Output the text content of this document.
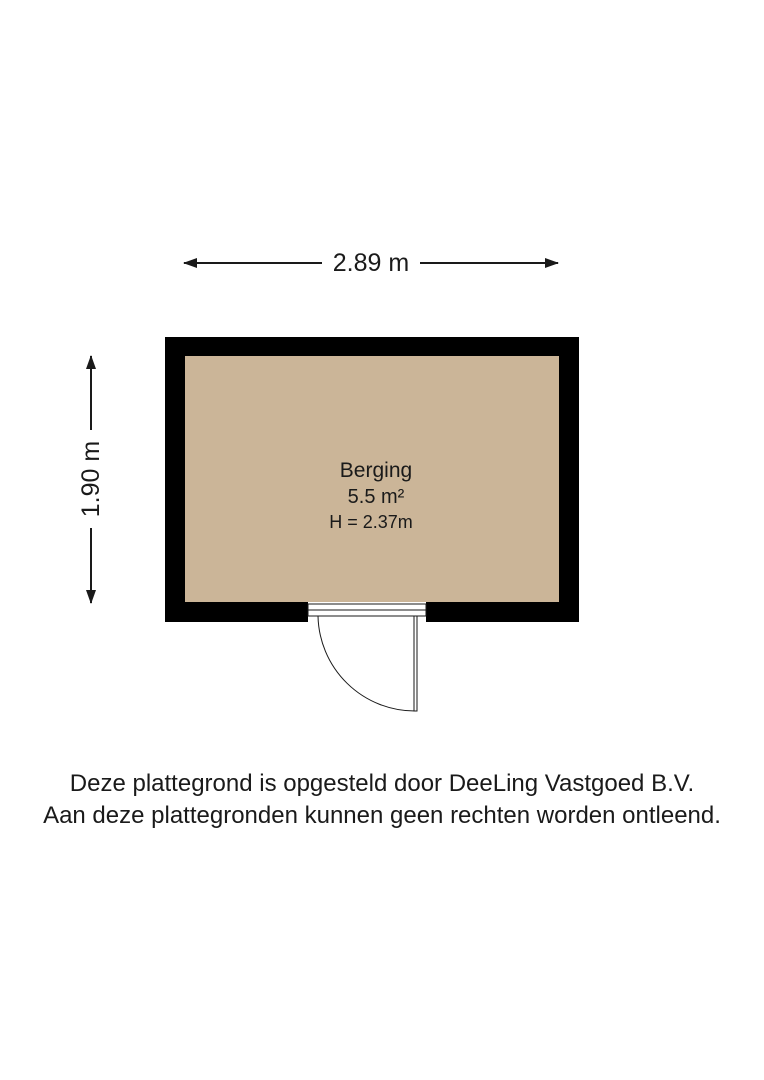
2.89 m
1.90 m	Berging
5.5 m²
H = 2.37m
Deze plattegrond is opgesteld door DeeLing Vastgoed B.V.
Aan deze plattegronden kunnen geen rechten worden ontleend.
